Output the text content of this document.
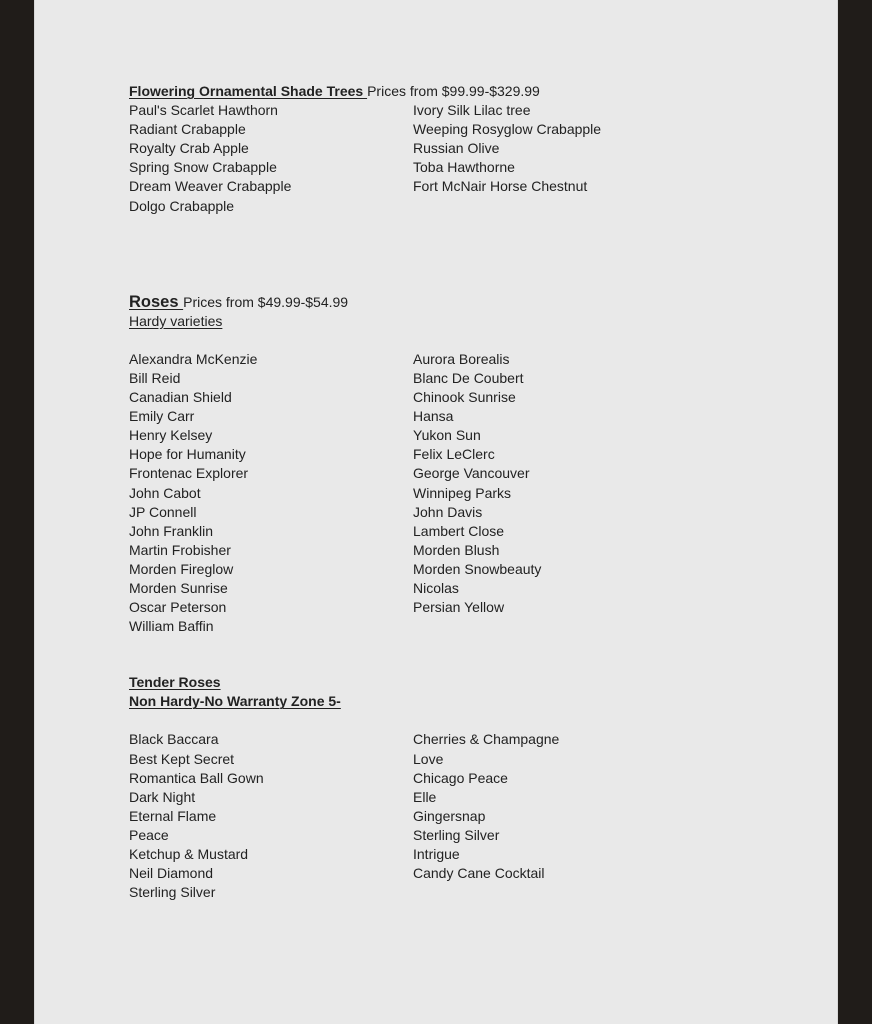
Flowering Ornamental Shade Trees Prices from $99.99-$329.99
Paul's Scarlet Hawthorn
Radiant Crabapple
Royalty Crab Apple
Spring Snow Crabapple
Dream Weaver Crabapple
Dolgo Crabapple
Ivory Silk Lilac tree
Weeping Rosyglow Crabapple
Russian Olive
Toba Hawthorne
Fort McNair Horse Chestnut
Roses Prices from $49.99-$54.99
Hardy varieties
Alexandra McKenzie
Bill Reid
Canadian Shield
Emily Carr
Henry Kelsey
Hope for Humanity
Frontenac Explorer
John Cabot
JP Connell
John Franklin
Martin Frobisher
Morden Fireglow
Morden Sunrise
Oscar Peterson
William Baffin
Aurora Borealis
Blanc De Coubert
Chinook Sunrise
Hansa
Yukon Sun
Felix LeClerc
George Vancouver
Winnipeg Parks
John Davis
Lambert Close
Morden Blush
Morden Snowbeauty
Nicolas
Persian Yellow
Tender Roses
Non Hardy-No Warranty Zone 5-
Black Baccara
Best Kept Secret
Romantica Ball Gown
Dark Night
Eternal Flame
Peace
Ketchup & Mustard
Neil Diamond
Sterling Silver
Cherries & Champagne
Love
Chicago Peace
Elle
Gingersnap
Sterling Silver
Intrigue
Candy Cane Cocktail
